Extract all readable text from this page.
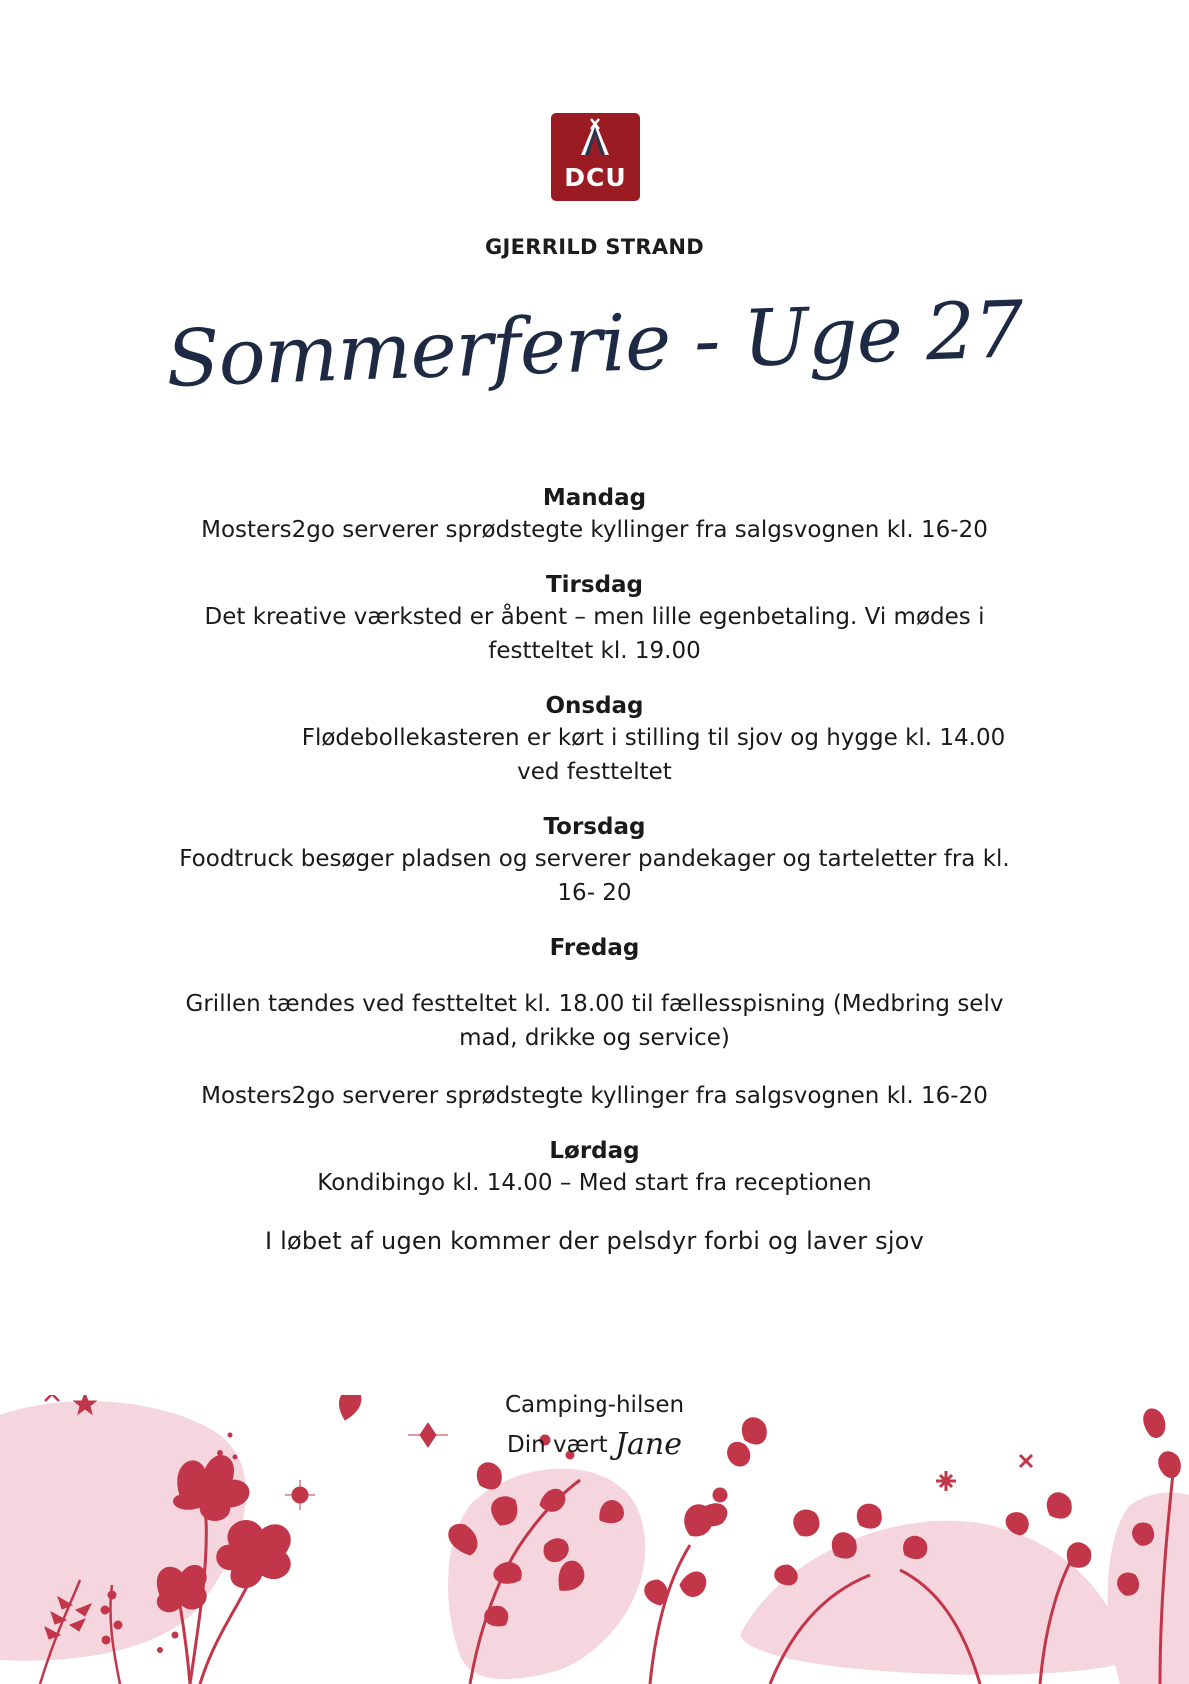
DCU
GJERRILD STRAND
Sommerferie - Uge 27
Mandag

Mosters2go serverer sprødstegte kyllinger fra salgsvognen kl. 16-20

Tirsdag

Det kreative værksted er åbent – men lille egenbetaling. Vi mødes i

festteltet kl. 19.00

Onsdag

Flødebollekasteren er kørt i stilling til sjov og hygge kl. 14.00

ved festteltet

Torsdag

Foodtruck besøger pladsen og serverer pandekager og tarteletter fra kl.

16- 20

Fredag

Grillen tændes ved festteltet kl. 18.00 til fællesspisning (Medbring selv

mad, drikke og service)

Mosters2go serverer sprødstegte kyllinger fra salgsvognen kl. 16-20

Lørdag

Kondibingo kl. 14.00 – Med start fra receptionen

I løbet af ugen kommer der pelsdyr forbi og laver sjov

Camping-hilsen
Din vært Jane
